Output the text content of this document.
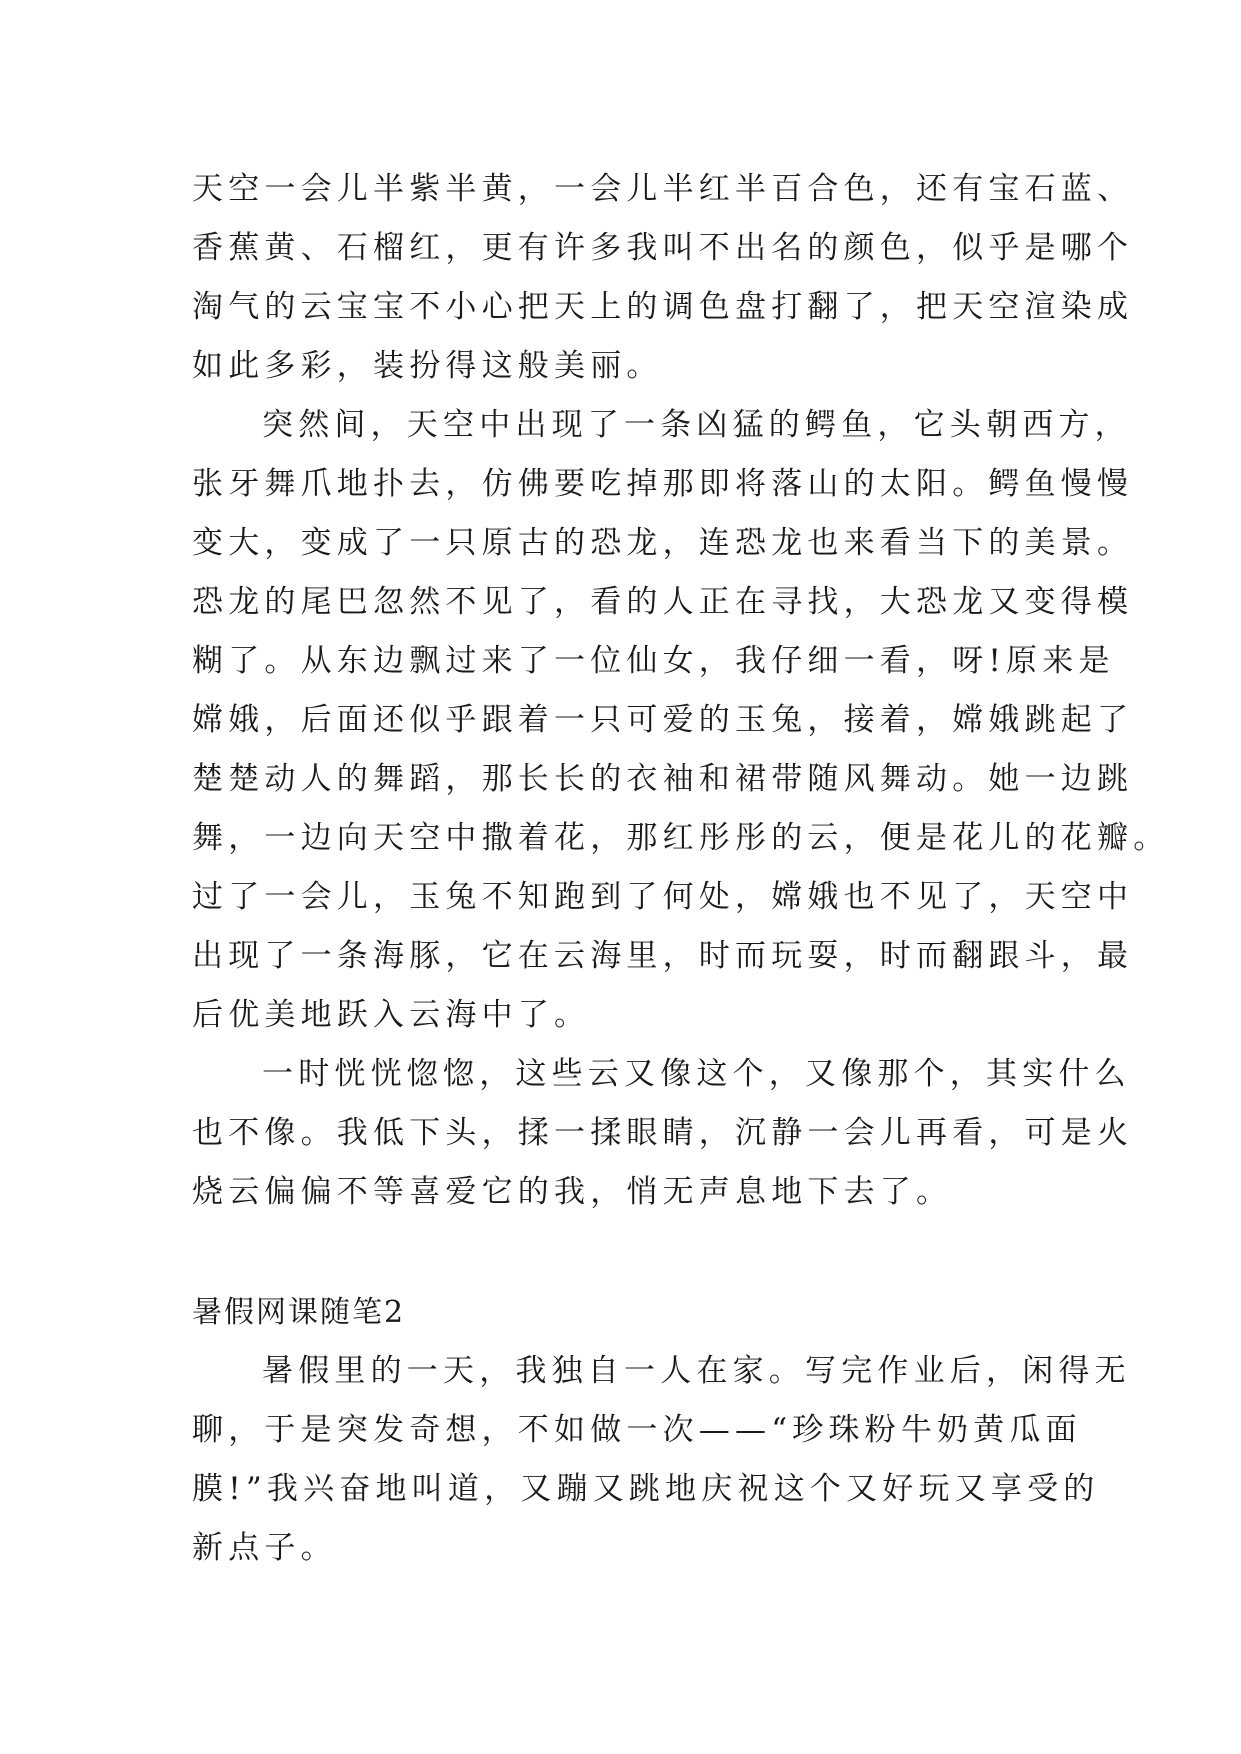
天空一会儿半紫半黄，一会儿半红半百合色，还有宝石蓝、

香蕉黄、石榴红，更有许多我叫不出名的颜色，似乎是哪个

淘气的云宝宝不小心把天上的调色盘打翻了，把天空渲染成

如此多彩，装扮得这般美丽。

突然间，天空中出现了一条凶猛的鳄鱼，它头朝西方，

张牙舞爪地扑去，仿佛要吃掉那即将落山的太阳。鳄鱼慢慢

变大，变成了一只原古的恐龙，连恐龙也来看当下的美景。

恐龙的尾巴忽然不见了，看的人正在寻找，大恐龙又变得模

糊了。从东边飘过来了一位仙女，我仔细一看，呀!原来是

嫦娥，后面还似乎跟着一只可爱的玉兔，接着，嫦娥跳起了

楚楚动人的舞蹈，那长长的衣袖和裙带随风舞动。她一边跳

舞，一边向天空中撒着花，那红彤彤的云，便是花儿的花瓣。

过了一会儿，玉兔不知跑到了何处，嫦娥也不见了，天空中

出现了一条海豚，它在云海里，时而玩耍，时而翻跟斗，最

后优美地跃入云海中了。

一时恍恍惚惚，这些云又像这个，又像那个，其实什么

也不像。我低下头，揉一揉眼睛，沉静一会儿再看，可是火

烧云偏偏不等喜爱它的我，悄无声息地下去了。

暑假网课随笔2

暑假里的一天，我独自一人在家。写完作业后，闲得无

聊，于是突发奇想，不如做一次——“珍珠粉牛奶黄瓜面

膜!”我兴奋地叫道，又蹦又跳地庆祝这个又好玩又享受的

新点子。
